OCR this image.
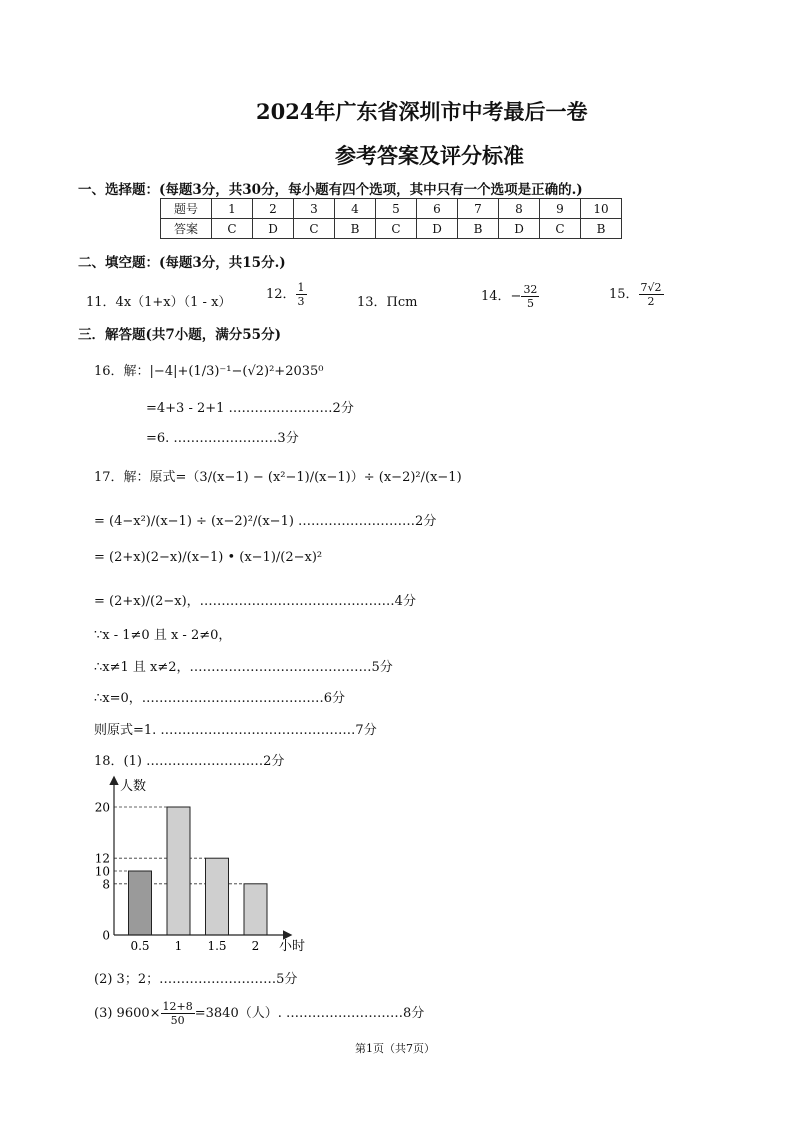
2024年广东省深圳市中考最后一卷
参考答案及评分标准
一、选择题：(每题3分，共30分，每小题有四个选项，其中只有一个选项是正确的.)
题号	1	2	3	4	5	6	7	8	9	10
答案	C	D	C	B	C	D	B	D	C	B
二、填空题：(每题3分，共15分.)
11．4x（1+x）（1 - x）
12． $\frac{1}{3}$	13．Πcm	14．− $\frac{32}{5}$	15． $\frac{7√2}{2}$
三．解答题(共7小题，满分55分)
16．解：|−4|+(1/3)⁻¹−(√2)²+2035⁰
=4+3 - 2+1 ……………………2分
=6. ……………………3分
17．解：原式=（3/(x−1) − (x²−1)/(x−1)）÷ (x−2)²/(x−1)
= (4−x²)/(x−1) ÷ (x−2)²/(x−1) ………………………2分
= (2+x)(2−x)/(x−1) • (x−1)/(2−x)²
= (2+x)/(2−x)，………………………………………4分
∵x - 1≠0 且 x - 2≠0，
∴x≠1 且 x≠2，……………………………………5分
∴x=0，……………………………………6分
则原式=1. ………………………………………7分
18．(1) ………………………2分
人数
小时
0
8
10
12
20
0.5 1 1.5 2
(2) 3；2；………………………5分
(3) $9600\times \frac{12+8}{50} =3840$（人）. ………………………8分
第1页（共7页）
